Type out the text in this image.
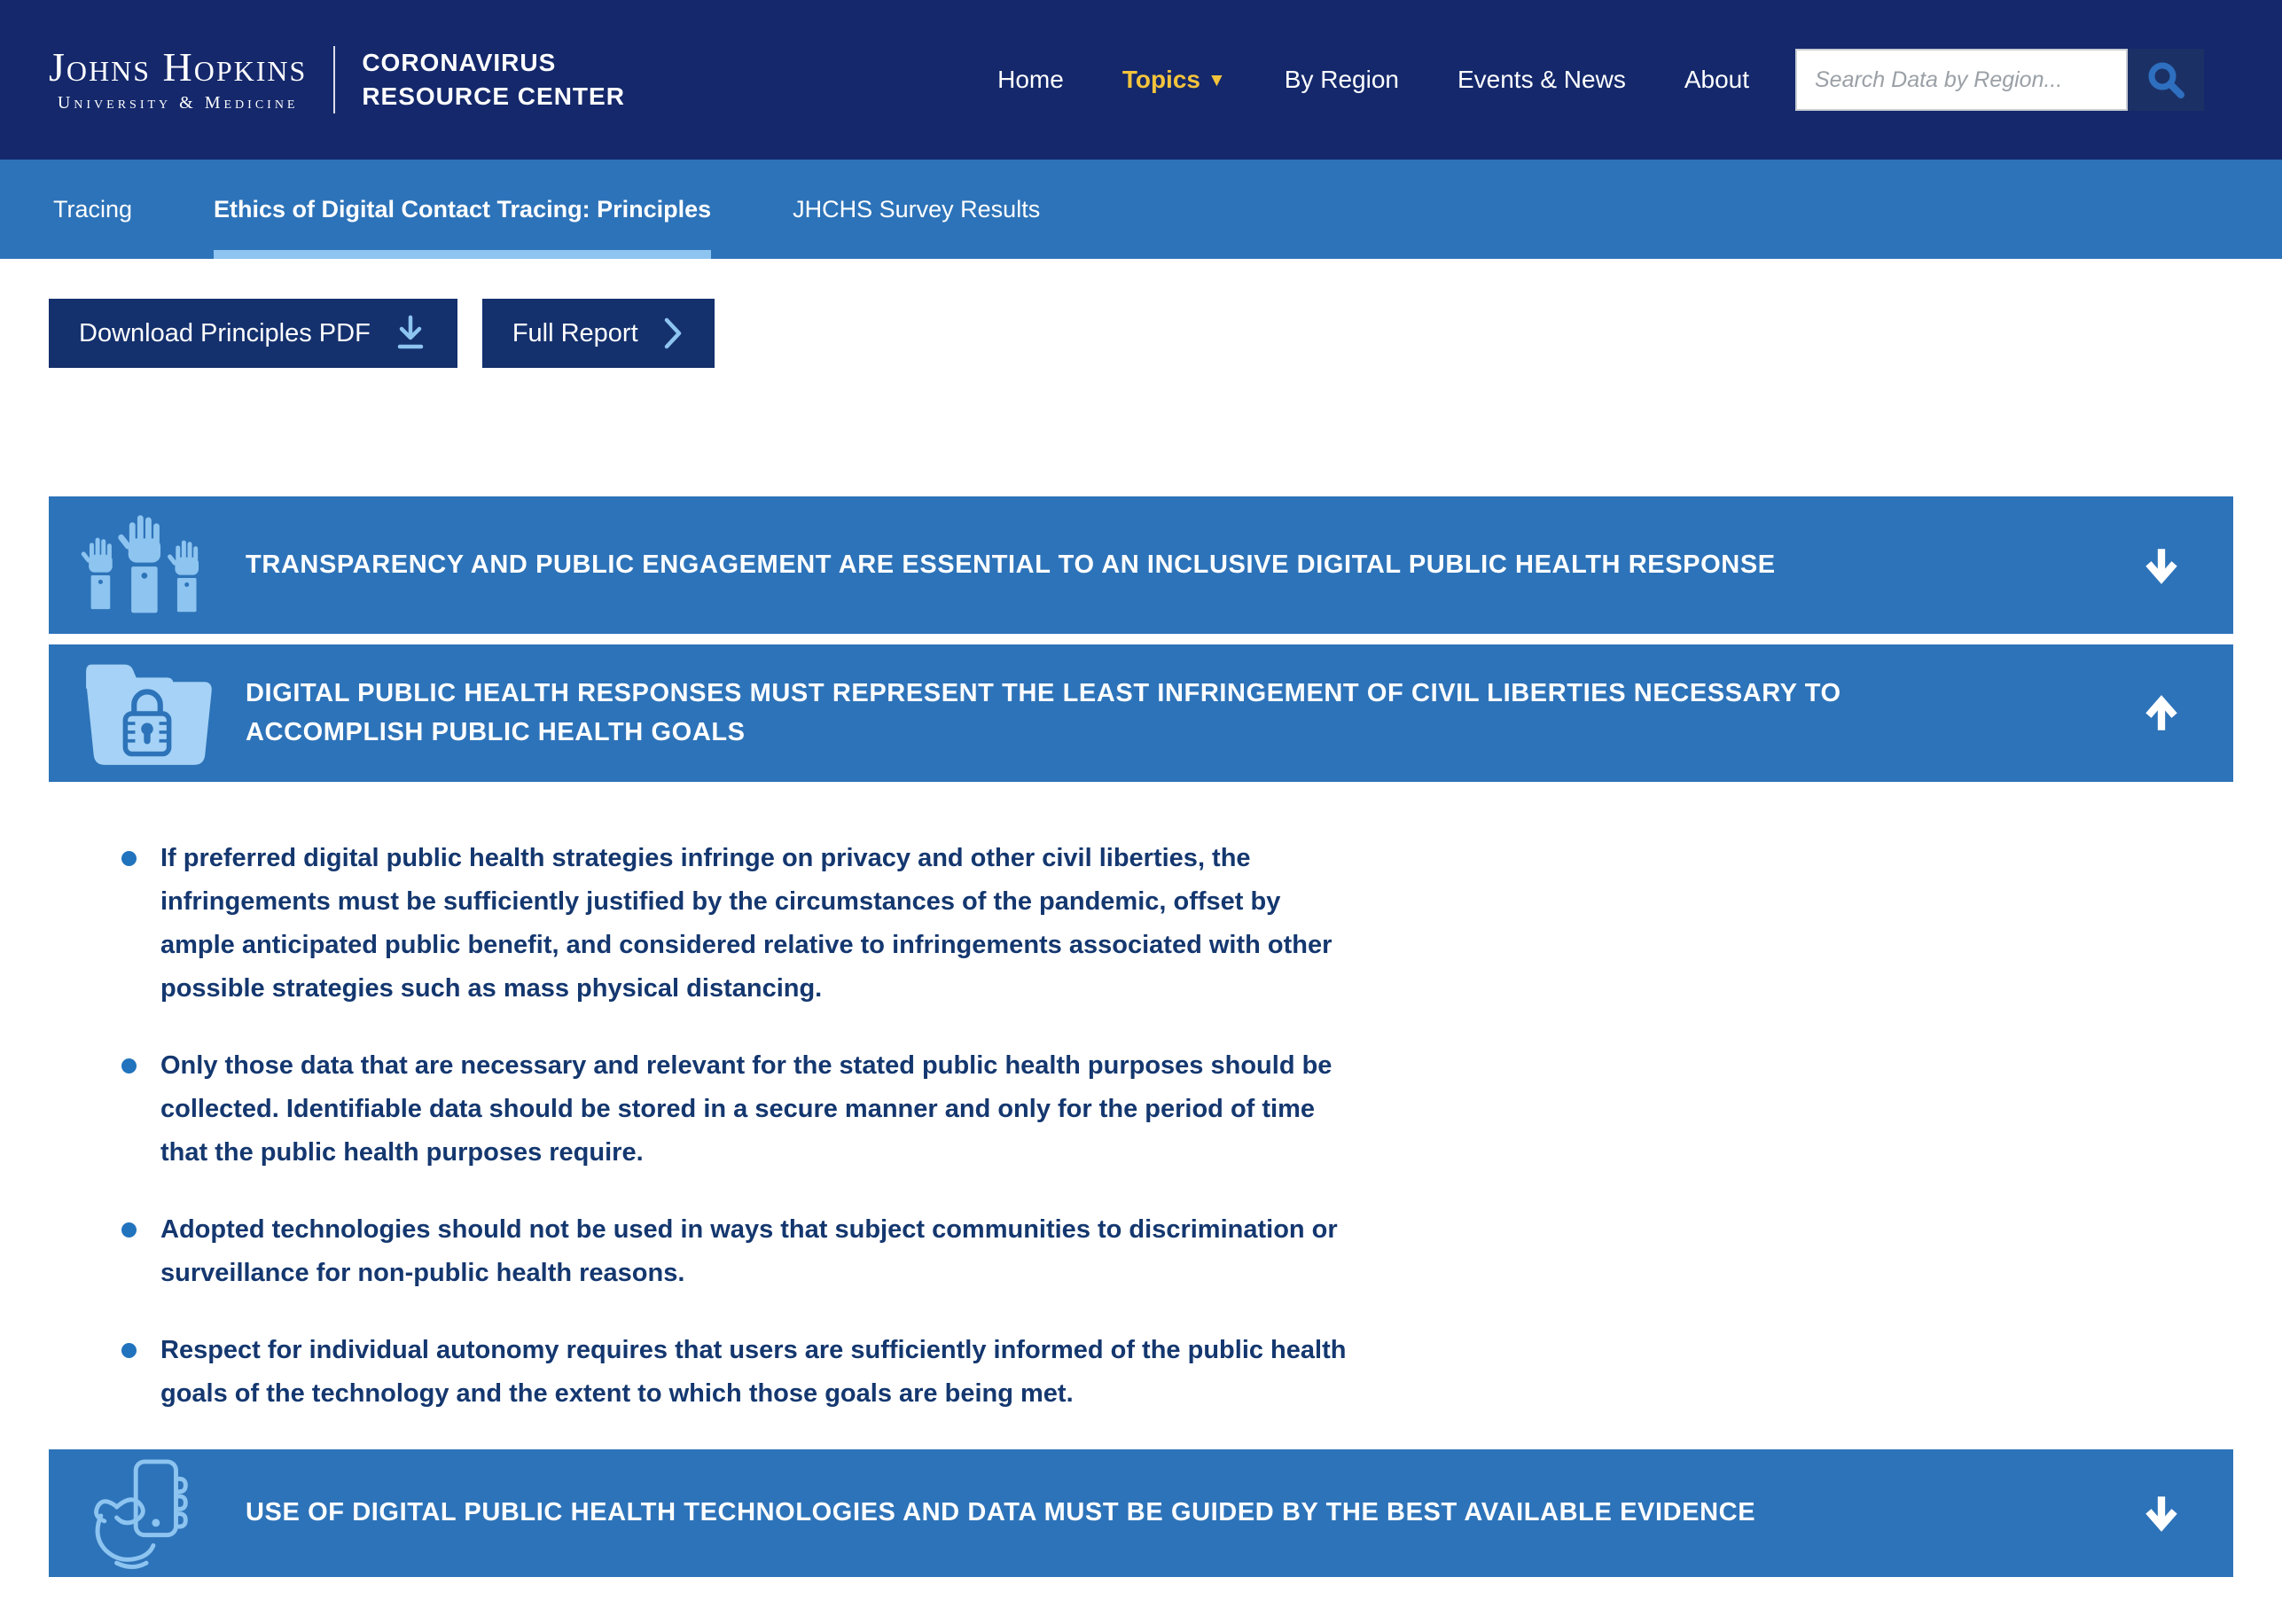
Johns Hopkins
University & Medicine
CORONAVIRUS
RESOURCE CENTER
Home Topics ▼ By Region Events & News About
Search Data by Region...
Tracing	Ethics of Digital Contact Tracing: Principles	JHCHS Survey Results
Download Principles PDF	Full Report
TRANSPARENCY AND PUBLIC ENGAGEMENT ARE ESSENTIAL TO AN INCLUSIVE DIGITAL PUBLIC HEALTH RESPONSE
DIGITAL PUBLIC HEALTH RESPONSES MUST REPRESENT THE LEAST INFRINGEMENT OF CIVIL LIBERTIES NECESSARY TO ACCOMPLISH PUBLIC HEALTH GOALS
If preferred digital public health strategies infringe on privacy and other civil liberties, the infringements must be sufficiently justified by the circumstances of the pandemic, offset by ample anticipated public benefit, and considered relative to infringements associated with other possible strategies such as mass physical distancing.
Only those data that are necessary and relevant for the stated public health purposes should be collected. Identifiable data should be stored in a secure manner and only for the period of time that the public health purposes require.
Adopted technologies should not be used in ways that subject communities to discrimination or surveillance for non-public health reasons.
Respect for individual autonomy requires that users are sufficiently informed of the public health goals of the technology and the extent to which those goals are being met.
USE OF DIGITAL PUBLIC HEALTH TECHNOLOGIES AND DATA MUST BE GUIDED BY THE BEST AVAILABLE EVIDENCE
